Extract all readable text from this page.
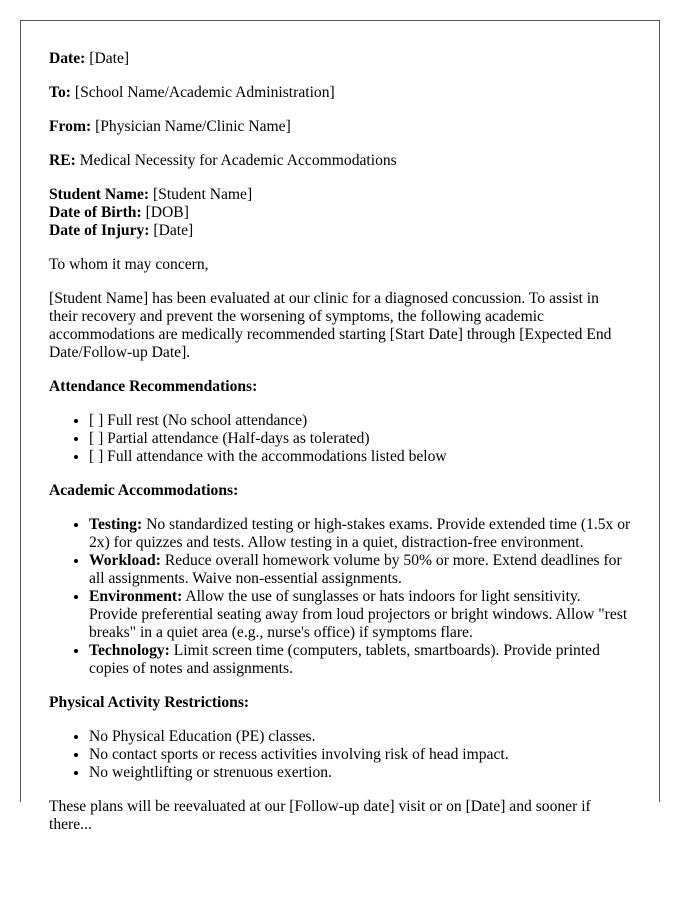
Date: [Date]

To: [School Name/Academic Administration]

From: [Physician Name/Clinic Name]

RE: Medical Necessity for Academic Accommodations

Student Name: [Student Name]

Date of Birth: [DOB]

Date of Injury: [Date]

To whom it may concern,

[Student Name] has been evaluated at our clinic for a diagnosed concussion. To assist in their recovery and prevent the worsening of symptoms, the following academic accommodations are medically recommended starting [Start Date] through [Expected End Date/Follow-up Date].

Attendance Recommendations:

• [ ] Full rest (No school attendance)
• [ ] Partial attendance (Half-days as tolerated)
• [ ] Full attendance with the accommodations listed below

Academic Accommodations:

• Testing: No standardized testing or high-stakes exams. Provide extended time (1.5x or 2x) for quizzes and tests. Allow testing in a quiet, distraction-free environment.
• Workload: Reduce overall homework volume by 50% or more. Extend deadlines for all assignments. Waive non-essential assignments.
• Environment: Allow the use of sunglasses or hats indoors for light sensitivity. Provide preferential seating away from loud projectors or bright windows. Allow "rest breaks" in a quiet area (e.g., nurse's office) if symptoms flare.
• Technology: Limit screen time (computers, tablets, smartboards). Provide printed copies of notes and assignments.

Physical Activity Restrictions:

• No Physical Education (PE) classes.
• No contact sports or recess activities involving risk of head impact.
• No weightlifting or strenuous exertion.

These plans will be reevaluated at our [Follow-up date] visit or on [Date] and sooner if there...
